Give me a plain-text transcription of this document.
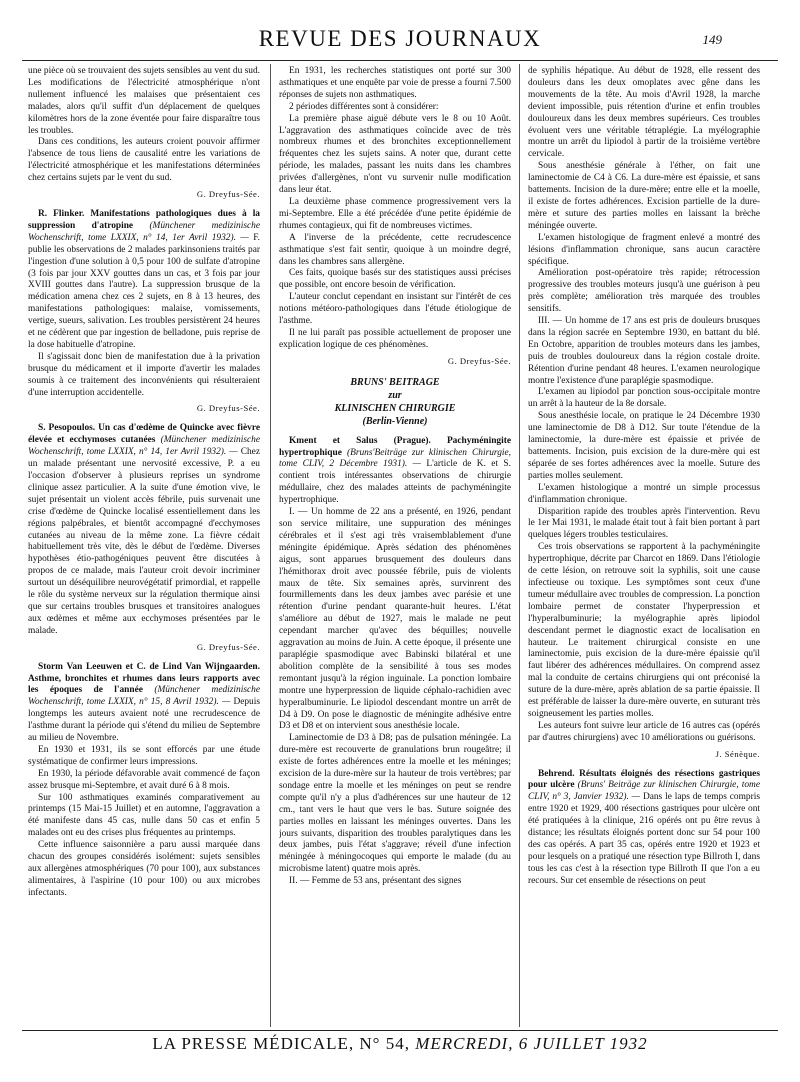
REVUE DES JOURNAUX	149

une pièce où se trouvaient des sujets sensibles au vent du sud. Les modifications de l'électricité atmosphérique n'ont nullement influencé les malaises que présentaient ces malades, alors qu'il suffit d'un déplacement de quelques kilomètres hors de la zone éventée pour faire disparaître tous les troubles.

Dans ces conditions, les auteurs croient pouvoir affirmer l'absence de tous liens de causalité entre les variations de l'électricité atmosphérique et les manifestations déterminées chez certains sujets par le vent du sud.

G. Dreyfus-Sée.

R. Flinker. Manifestations pathologiques dues à la suppression d'atropine (Münchener medizinische Wochenschrift, tome LXXIX, n° 14, 1er Avril 1932). — F. publie les observations de 2 malades parkinsoniens traités par l'ingestion d'une solution à 0,5 pour 100 de sulfate d'atropine (3 fois par jour XXV gouttes dans un cas, et 3 fois par jour XVIII gouttes dans l'autre). La suppression brusque de la médication amena chez ces 2 sujets, en 8 à 13 heures, des manifestations pathologiques: malaise, vomissements, vertige, sueurs, salivation. Les troubles persistèrent 24 heures et ne cédèrent que par ingestion de belladone, puis reprise de la dose habituelle d'atropine.

Il s'agissait donc bien de manifestation due à la privation brusque du médicament et il importe d'avertir les malades soumis à ce traitement des inconvénients qui résulteraient d'une interruption accidentelle.

G. Dreyfus-Sée.

S. Pesopoulos. Un cas d'œdème de Quincke avec fièvre élevée et ecchymoses cutanées (Münchener medizinische Wochenschrift, tome LXXIX, n° 14, 1er Avril 1932). — Chez un malade présentant une nervosité excessive, P. a eu l'occasion d'observer à plusieurs reprises un syndrome clinique assez particulier. A la suite d'une émotion vive, le sujet présentait un violent accès fébrile, puis survenait une crise d'œdème de Quincke localisé essentiellement dans les régions palpébrales, et bientôt accompagné d'ecchymoses cutanées au niveau de la même zone. La fièvre cédait habituellement très vite, dès le début de l'œdème. Diverses hypothèses étio-pathogéniques peuvent être discutées à propos de ce malade, mais l'auteur croit devoir incriminer surtout un déséquilibre neurovégétatif primordial, et rappelle le rôle du système nerveux sur la régulation thermique ainsi que sur certains troubles brusques et transitoires analogues aux œdèmes et même aux ecchymoses présentées par le malade.

G. Dreyfus-Sée.

Storm Van Leeuwen et C. de Lind Van Wijngaarden. Asthme, bronchites et rhumes dans leurs rapports avec les époques de l'année (Münchener medizinische Wochenschrift, tome LXXIX, n° 15, 8 Avril 1932). — Depuis longtemps les auteurs avaient noté une recrudescence de l'asthme durant la période qui s'étend du milieu de Septembre au milieu de Novembre.

En 1930 et 1931, ils se sont efforcés par une étude systématique de confirmer leurs impressions.

En 1930, la période défavorable avait commencé de façon assez brusque mi-Septembre, et avait duré 6 à 8 mois.

Sur 100 asthmatiques examinés comparativement au printemps (15 Mai-15 Juillet) et en automne, l'aggravation a été manifeste dans 45 cas, nulle dans 50 cas et enfin 5 malades ont eu des crises plus fréquentes au printemps.

Cette influence saisonnière a paru aussi marquée dans chacun des groupes considérés isolément: sujets sensibles aux allergènes atmosphériques (70 pour 100), aux substances alimentaires, à l'aspirine (10 pour 100) ou aux microbes infectants.

En 1931, les recherches statistiques ont porté sur 300 asthmatiques et une enquête par voie de presse a fourni 7.500 réponses de sujets non asthmatiques.

2 périodes différentes sont à considérer:

La première phase aiguë débute vers le 8 ou 10 Août. L'aggravation des asthmatiques coïncide avec de très nombreux rhumes et des bronchites exceptionnellement fréquentes chez les sujets sains. A noter que, durant cette période, les malades, passant les nuits dans les chambres privées d'allergènes, n'ont vu survenir nulle modification dans leur état.

La deuxième phase commence progressivement vers la mi-Septembre. Elle a été précédée d'une petite épidémie de rhumes contagieux, qui fit de nombreuses victimes.

A l'inverse de la précédente, cette recrudescence asthmatique s'est fait sentir, quoique à un moindre degré, dans les chambres sans allergène.

Ces faits, quoique basés sur des statistiques aussi précises que possible, ont encore besoin de vérification.

L'auteur conclut cependant en insistant sur l'intérêt de ces notions météoro-pathologiques dans l'étude étiologique de l'asthme.

Il ne lui paraît pas possible actuellement de proposer une explication logique de ces phénomènes.

G. Dreyfus-Sée.
BRUNS' BEITRAGE
zur
KLINISCHEN CHIRURGIE
(Berlin-Vienne)

Kment et Salus (Prague). Pachyméningite hypertrophique (Bruns'Beiträge zur klinischen Chirurgie, tome CLIV, 2 Décembre 1931). — L'article de K. et S. contient trois intéressantes observations de chirurgie médullaire, chez des malades atteints de pachyméningite hypertrophique.

I. — Un homme de 22 ans a présenté, en 1926, pendant son service militaire, une suppuration des méninges cérébrales et il s'est agi très vraisemblablement d'une méningite épidémique. Après sédation des phénomènes aigus, sont apparues brusquement des douleurs dans l'hémithorax droit avec poussée fébrile, puis de violents maux de tête. Six semaines après, survinrent des fourmillements dans les deux jambes avec parésie et une rétention d'urine pendant quarante-huit heures. L'état s'améliore au début de 1927, mais le malade ne peut cependant marcher qu'avec des béquilles; nouvelle aggravation au moins de Juin. A cette époque, il présente une paraplégie spasmodique avec Babinski bilatéral et une abolition complète de la sensibilité à tous ses modes remontant jusqu'à la région inguinale. La ponction lombaire montre une hyperpression de liquide céphalo-rachidien avec hyperalbuminurie. Le lipiodol descendant montre un arrêt de D4 à D9. On pose le diagnostic de méningite adhésive entre D3 et D8 et on intervient sous anesthésie locale.

Laminectomie de D3 à D8; pas de pulsation méningée. La dure-mère est recouverte de granulations brun rougeâtre; il existe de fortes adhérences entre la moelle et les méninges; excision de la dure-mère sur la hauteur de trois vertèbres; par sondage entre la moelle et les méninges on peut se rendre compte qu'il n'y a plus d'adhérences sur une hauteur de 12 cm., tant vers le haut que vers le bas. Suture soignée des parties molles en laissant les méninges ouvertes. Dans les jours suivants, disparition des troubles paralytiques dans les deux jambes, puis l'état s'aggrave; réveil d'une infection méningée à méningocoques qui emporte le malade (du au microbisme latent) quatre mois après.

II. — Femme de 53 ans, présentant des signes

de syphilis hépatique. Au début de 1928, elle ressent des douleurs dans les deux omoplates avec gêne dans les mouvements de la tête. Au mois d'Avril 1928, la marche devient impossible, puis rétention d'urine et enfin troubles douloureux dans les deux membres supérieurs. Ces troubles évoluent vers une véritable tétraplégie. La myélographie montre un arrêt du lipiodol à partir de la troisième vertèbre cervicale.

Sous anesthésie générale à l'éther, on fait une laminectomie de C4 à C6. La dure-mère est épaissie, et sans battements. Incision de la dure-mère; entre elle et la moelle, il existe de fortes adhérences. Excision partielle de la dure-mère et suture des parties molles en laissant la brèche méningée ouverte.

L'examen histologique de fragment enlevé a montré des lésions d'inflammation chronique, sans aucun caractère spécifique.

Amélioration post-opératoire très rapide; rétrocession progressive des troubles moteurs jusqu'à une guérison à peu près complète; amélioration très marquée des troubles sensitifs.

III. — Un homme de 17 ans est pris de douleurs brusques dans la région sacrée en Septembre 1930, en battant du blé. En Octobre, apparition de troubles moteurs dans les jambes, puis de troubles douloureux dans la région costale droite. Rétention d'urine pendant 48 heures. L'examen neurologique montre l'existence d'une paraplégie spasmodique.

L'examen au lipiodol par ponction sous-occipitale montre un arrêt à la hauteur de la 8e dorsale.

Sous anesthésie locale, on pratique le 24 Décembre 1930 une laminectomie de D8 à D12. Sur toute l'étendue de la laminectomie, la dure-mère est épaissie et privée de battements. Incision, puis excision de la dure-mère qui est séparée de ses fortes adhérences avec la moelle. Suture des parties molles seulement.

L'examen histologique a montré un simple processus d'inflammation chronique.

Disparition rapide des troubles après l'intervention. Revu le 1er Mai 1931, le malade était tout à fait bien portant à part quelques légers troubles testiculaires.

Ces trois observations se rapportent à la pachyméningite hypertrophique, décrite par Charcot en 1869. Dans l'étiologie de cette lésion, on retrouve soit la syphilis, soit une cause infectieuse ou toxique. Les symptômes sont ceux d'une tumeur médullaire avec troubles de compression. La ponction lombaire permet de constater l'hyperpression et l'hyperalbuminurie; la myélographie après lipiodol descendant permet le diagnostic exact de localisation en hauteur. Le traitement chirurgical consiste en une laminectomie, puis excision de la dure-mère épaissie qu'il faut libérer des adhérences médullaires. On comprend assez mal la conduite de certains chirurgiens qui ont préconisé la suture de la dure-mère, après ablation de sa partie épaissie. Il est préférable de laisser la dure-mère ouverte, en suturant très soigneusement les parties molles.

Les auteurs font suivre leur article de 16 autres cas (opérés par d'autres chirurgiens) avec 10 améliorations ou guérisons.

J. Sénèque.

Behrend. Résultats éloignés des résections gastriques pour ulcère (Bruns' Beiträge zur klinischen Chirurgie, tome CLIV, n° 3, Janvier 1932). — Dans le laps de temps compris entre 1920 et 1929, 400 résections gastriques pour ulcère ont été pratiquées à la clinique, 216 opérés ont pu être revus à distance; les résultats éloignés portent donc sur 54 pour 100 des cas opérés. A part 35 cas, opérés entre 1920 et 1923 et pour lesquels on a pratiqué une résection type Billroth I, dans tous les cas c'est à la résection type Billroth II que l'on a eu recours. Sur cet ensemble de résections on peut

LA PRESSE MÉDICALE, N° 54, MERCREDI, 6 JUILLET 1932
